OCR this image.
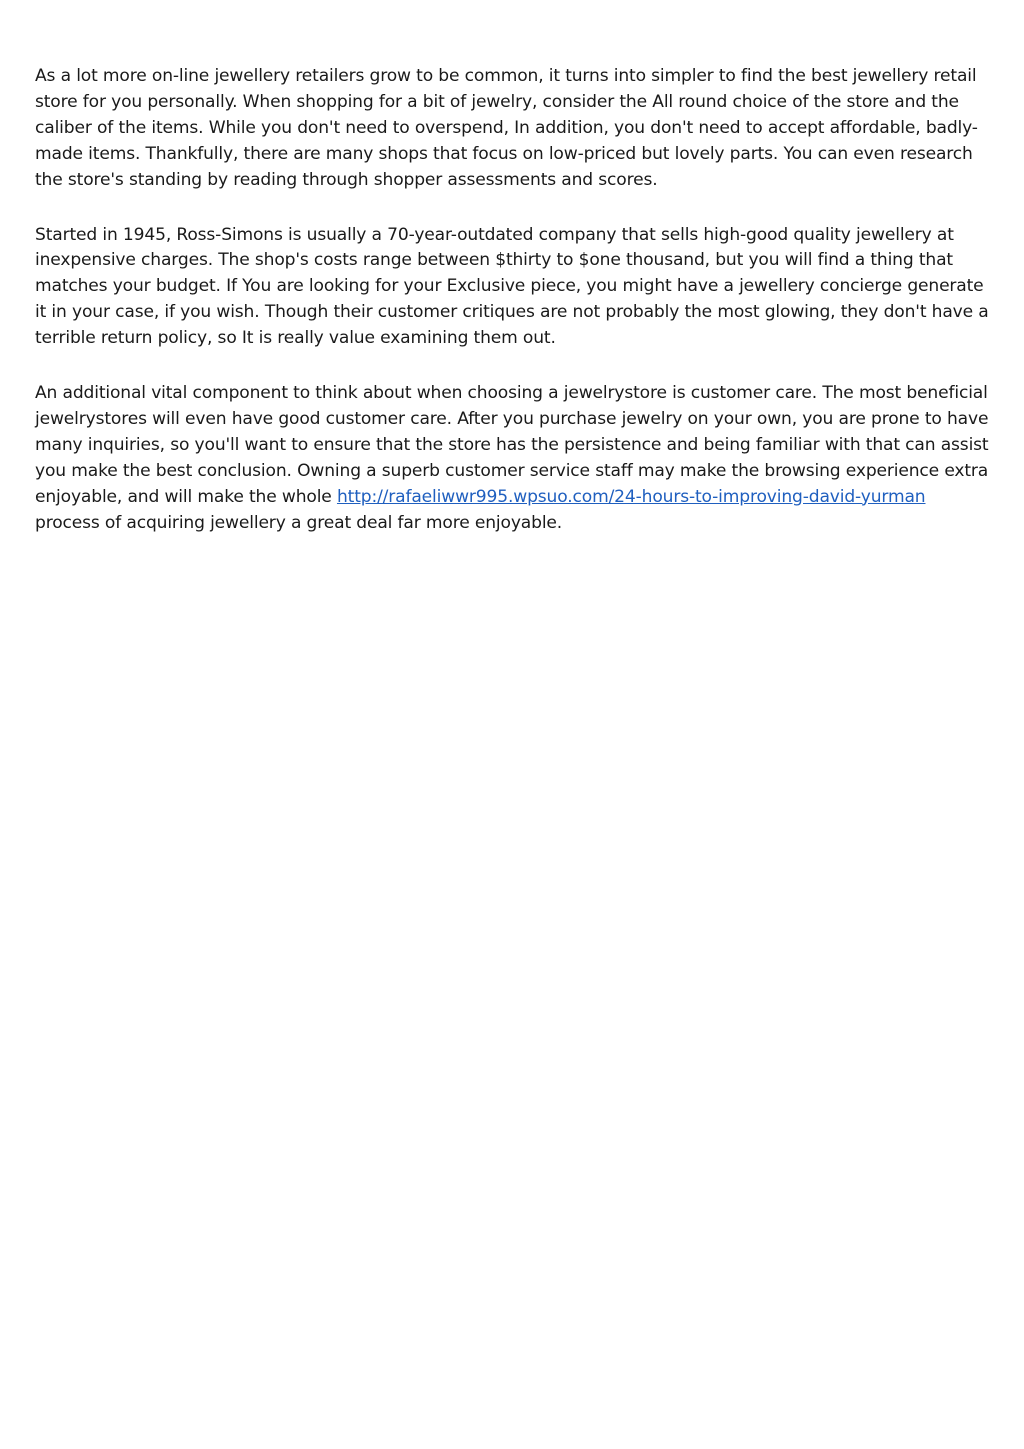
As a lot more on-line jewellery retailers grow to be common, it turns into simpler to find the best jewellery retail store for you personally. When shopping for a bit of jewelry, consider the All round choice of the store and the caliber of the items. While you don't need to overspend, In addition, you don't need to accept affordable, badly-made items. Thankfully, there are many shops that focus on low-priced but lovely parts. You can even research the store's standing by reading through shopper assessments and scores.

Started in 1945, Ross-Simons is usually a 70-year-outdated company that sells high-good quality jewellery at inexpensive charges. The shop's costs range between $thirty to $one thousand, but you will find a thing that matches your budget. If You are looking for your Exclusive piece, you might have a jewellery concierge generate it in your case, if you wish. Though their customer critiques are not probably the most glowing, they don't have a terrible return policy, so It is really value examining them out.

An additional vital component to think about when choosing a jewelrystore is customer care. The most beneficial jewelrystores will even have good customer care. After you purchase jewelry on your own, you are prone to have many inquiries, so you'll want to ensure that the store has the persistence and being familiar with that can assist you make the best conclusion. Owning a superb customer service staff may make the browsing experience extra enjoyable, and will make the whole http://rafaeliwwr995.wpsuo.com/24-hours-to-improving-david-yurman process of acquiring jewellery a great deal far more enjoyable.
